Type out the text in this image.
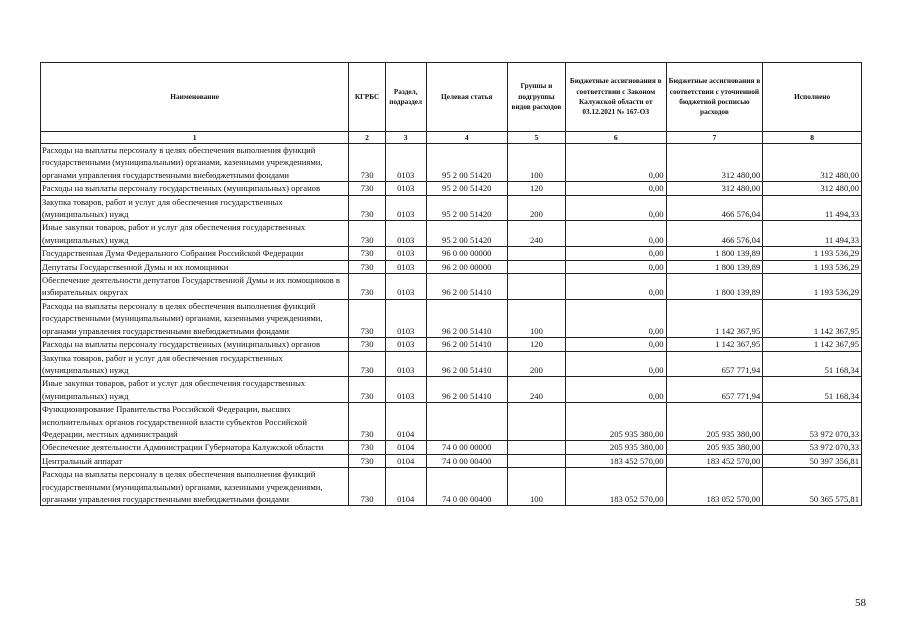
Наименование	КГРБС	Раздел, подраздел	Целевая статья	Группы и подгруппы видов расходов	Бюджетные ассигнования в соответствии с Законом Калужской области от 03.12.2021 № 167-ОЗ	Бюджетные ассигнования в соответствии с уточненной бюджетной росписью расходов	Исполнено
1	2	3	4	5	6	7	8

Расходы на выплаты персоналу в целях обеспечения выполнения функций государственными (муниципальными) органами, казенными учреждениями, органами управления государственными внебюджетными фондами	730	0103	95 2 00 51420	100	0,00	312 480,00	312 480,00

Расходы на выплаты персоналу государственных (муниципальных) органов	730	0103	95 2 00 51420	120	0,00	312 480,00	312 480,00

Закупка товаров, работ и услуг для обеспечения государственных (муниципальных) нужд	730	0103	95 2 00 51420	200	0,00	466 576,04	11 494,33

Иные закупки товаров, работ и услуг для обеспечения государственных (муниципальных) нужд	730	0103	95 2 00 51420	240	0,00	466 576,04	11 494,33

Государственная Дума Федерального Собрания Российской Федерации	730	0103	96 0 00 00000		0,00	1 800 139,89	1 193 536,29

Депутаты Государственной Думы и их помощники	730	0103	96 2 00 00000		0,00	1 800 139,89	1 193 536,29

Обеспечение деятельности депутатов Государственной Думы и их помощников в избирательных округах	730	0103	96 2 00 51410		0,00	1 800 139,89	1 193 536,29

Расходы на выплаты персоналу в целях обеспечения выполнения функций государственными (муниципальными) органами, казенными учреждениями, органами управления государственными внебюджетными фондами	730	0103	96 2 00 51410	100	0,00	1 142 367,95	1 142 367,95

Расходы на выплаты персоналу государственных (муниципальных) органов	730	0103	96 2 00 51410	120	0,00	1 142 367,95	1 142 367,95

Закупка товаров, работ и услуг для обеспечения государственных (муниципальных) нужд	730	0103	96 2 00 51410	200	0,00	657 771,94	51 168,34

Иные закупки товаров, работ и услуг для обеспечения государственных (муниципальных) нужд	730	0103	96 2 00 51410	240	0,00	657 771,94	51 168,34

Функционирование Правительства Российской Федерации, высших исполнительных органов государственной власти субъектов Российской Федерации, местных администраций	730	0104			205 935 380,00	205 935 380,00	53 972 070,33

Обеспечение деятельности Администрации Губернатора Калужской области	730	0104	74 0 00 00000		205 935 380,00	205 935 380,00	53 972 070,33

Центральный аппарат	730	0104	74 0 00 00400		183 452 570,00	183 452 570,00	50 397 356,81

Расходы на выплаты персоналу в целях обеспечения выполнения функций государственными (муниципальными) органами, казенными учреждениями, органами управления государственными внебюджетными фондами	730	0104	74 0 00 00400	100	183 052 570,00	183 052 570,00	50 365 575,81
58
